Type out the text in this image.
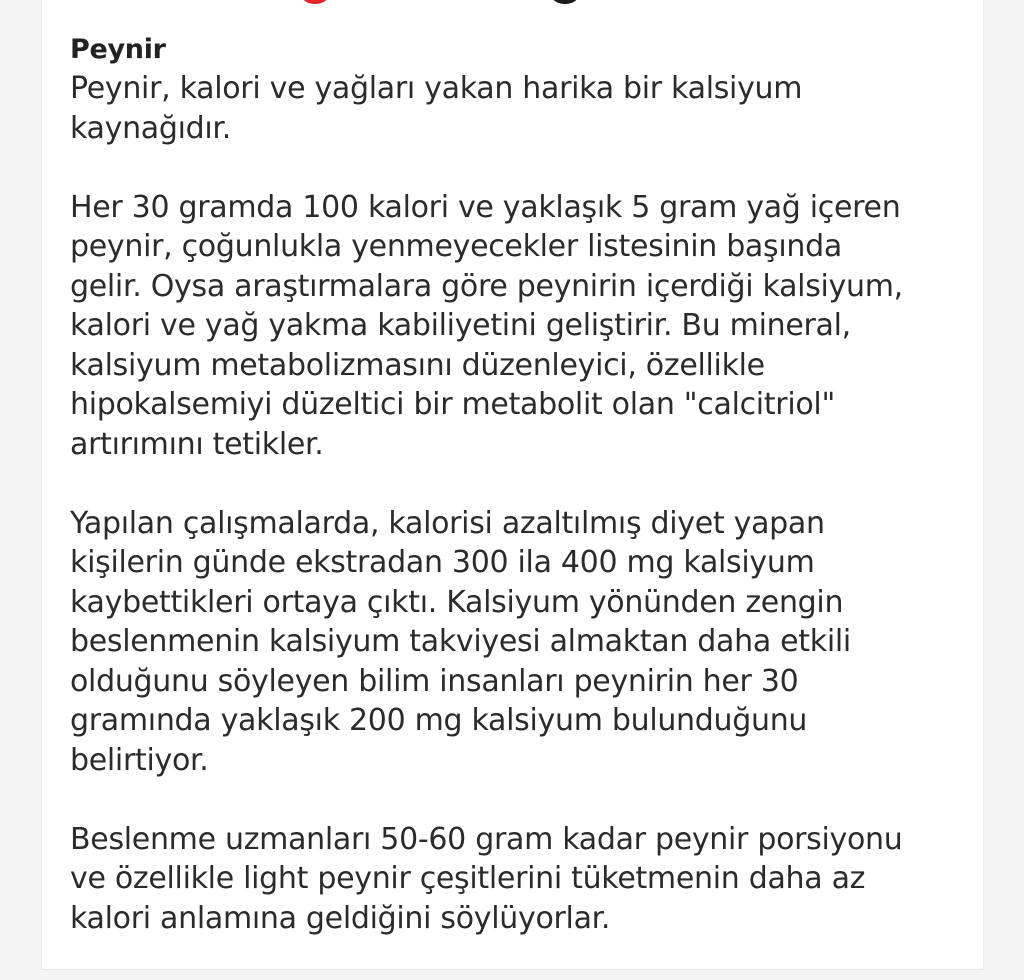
Peynir
Peynir, kalori ve yağları yakan harika bir kalsiyum
kaynağıdır.
Her 30 gramda 100 kalori ve yaklaşık 5 gram yağ içeren
peynir, çoğunlukla yenmeyecekler listesinin başında
gelir. Oysa araştırmalara göre peynirin içerdiği kalsiyum,
kalori ve yağ yakma kabiliyetini geliştirir. Bu mineral,
kalsiyum metabolizmasını düzenleyici, özellikle
hipokalsemiyi düzeltici bir metabolit olan "calcitriol"
artırımını tetikler.
Yapılan çalışmalarda, kalorisi azaltılmış diyet yapan
kişilerin günde ekstradan 300 ila 400 mg kalsiyum
kaybettikleri ortaya çıktı. Kalsiyum yönünden zengin
beslenmenin kalsiyum takviyesi almaktan daha etkili
olduğunu söyleyen bilim insanları peynirin her 30
gramında yaklaşık 200 mg kalsiyum bulunduğunu
belirtiyor.
Beslenme uzmanları 50-60 gram kadar peynir porsiyonu
ve özellikle light peynir çeşitlerini tüketmenin daha az
kalori anlamına geldiğini söylüyorlar.
